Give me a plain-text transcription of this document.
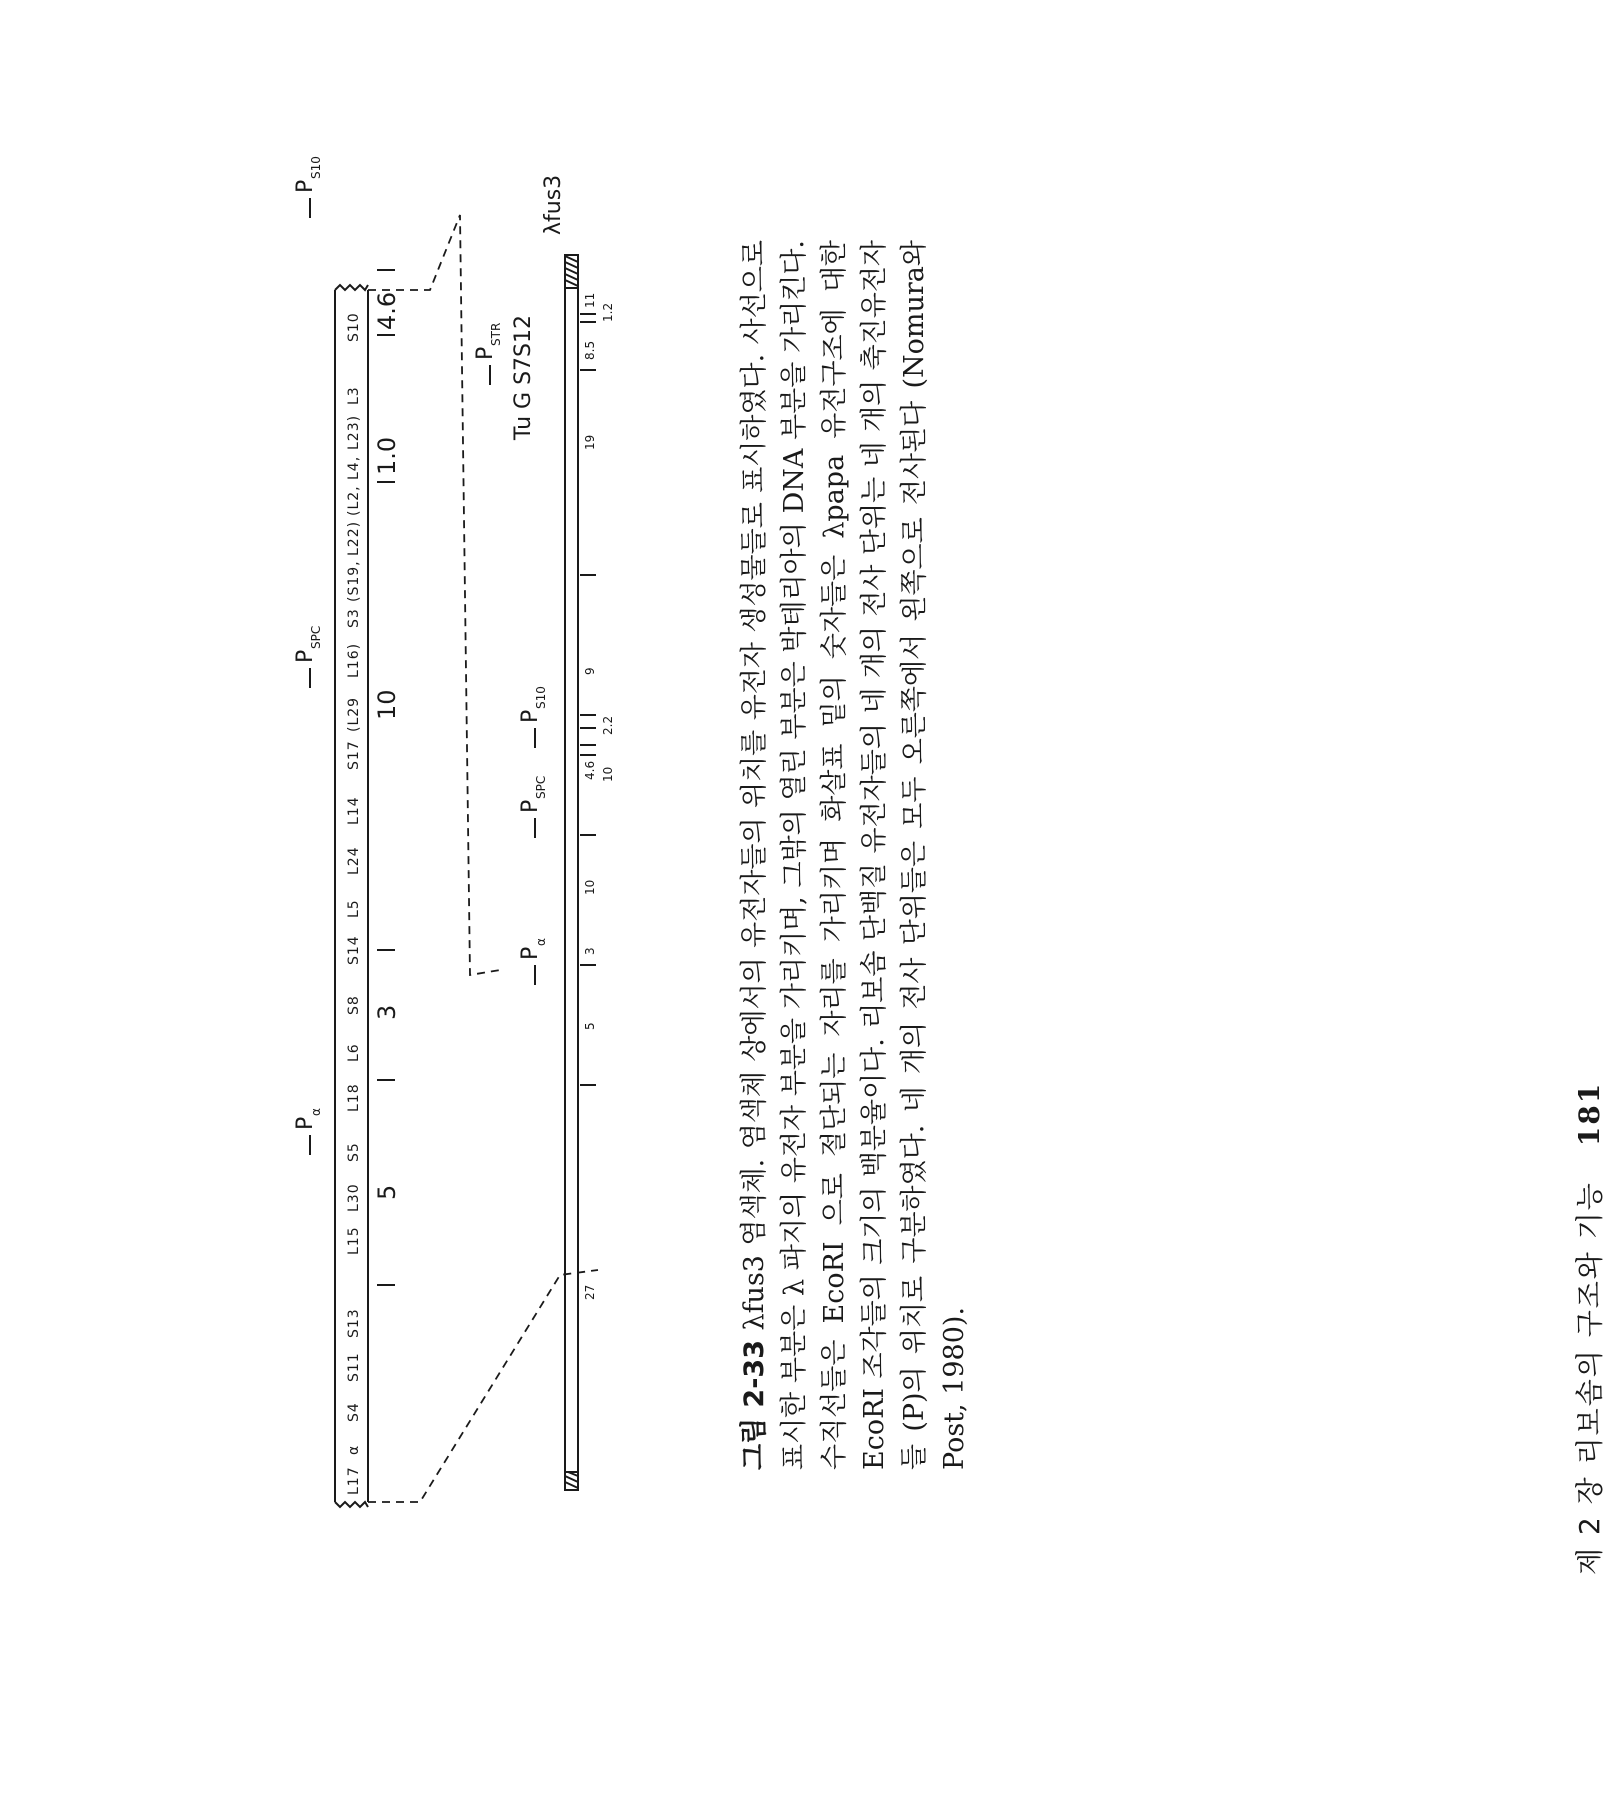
L17
α
S4
S11
S13
L15
L30
S5
L18
L6
S8
S14
L5
L24
L14
S17
(L29
L16)
S3
(S19,
L22)
(L2,
L4,
L23)
L3
S10
P
α
P
SPC
P
S10
5
3
10
1.0
4.6
P
α
P
SPC
P
S10
P
STR Tu G S7S12
λfus3
27
5
3
10
4.6
9
19
8.5
11
10
2.2
1.2
그림 2-33 λfus3 염색체. 염색체 상에서의 유전자들의 위치를 유전자 생성물들로 표시하였다. 사선으로 표시한 부분은 λ 파지의 유전자 부분을 가리키며, 그밖의 열린 부분은 박테리아의 DNA 부분을 가리킨다. 수직선들은 EcoRI 으로 절단되는 자리를 가리키며 화살표 밑의 숫자들은 λpapa 유전구조에 대한 EcoRI 조각들의 크기의 백분율이다. 리보솜 단백질 유전자들의 네 개의 전사 단위는 네 개의 축진유전자들 (P)의 위치로 구분하였다. 네 개의 전사 단위들은 모두 오른쪽에서 왼쪽으로 전사된다 (Nomura와 Post, 1980).	제 2 장 리보솜의 구조와 기능 181
